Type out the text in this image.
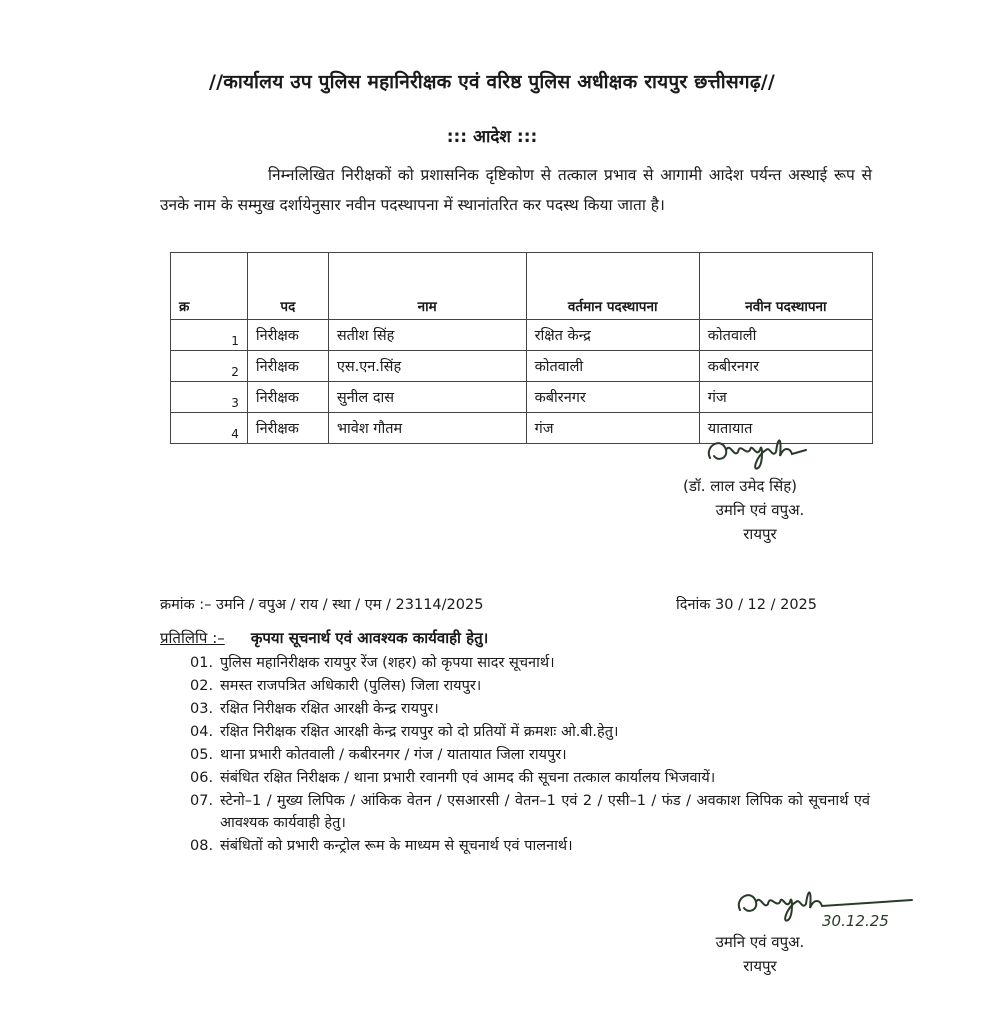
//कार्यालय उप पुलिस महानिरीक्षक एवं वरिष्ठ पुलिस अधीक्षक रायपुर छत्तीसगढ़//
::: आदेश :::
निम्नलिखित निरीक्षकों को प्रशासनिक दृष्टिकोण से तत्काल प्रभाव से आगामी आदेश पर्यन्त अस्थाई रूप से उनके नाम के सम्मुख दर्शायेनुसार नवीन पदस्थापना में स्थानांतरित कर पदस्थ किया जाता है।
क्र	पद	नाम	वर्तमान पदस्थापना	नवीन पदस्थापना
1	निरीक्षक	सतीश सिंह	रक्षित केन्द्र	कोतवाली
2	निरीक्षक	एस.एन.सिंह	कोतवाली	कबीरनगर
3	निरीक्षक	सुनील दास	कबीरनगर	गंज
4	निरीक्षक	भावेश गौतम	गंज	यातायात
(डॉ. लाल उमेद सिंह)
उमनि एवं वपुअ.
रायपुर
क्रमांक :– उमनि / वपुअ / राय / स्था / एम / 23114/2025	दिनांक 30 / 12 / 2025
प्रतिलिपि :– कृपया सूचनार्थ एवं आवश्यक कार्यवाही हेतु।
01. पुलिस महानिरीक्षक रायपुर रेंज (शहर) को कृपया सादर सूचनार्थ।
02. समस्त राजपत्रित अधिकारी (पुलिस) जिला रायपुर।
03. रक्षित निरीक्षक रक्षित आरक्षी केन्द्र रायपुर।
04. रक्षित निरीक्षक रक्षित आरक्षी केन्द्र रायपुर को दो प्रतियों में क्रमशः ओ.बी.हेतु।
05. थाना प्रभारी कोतवाली / कबीरनगर / गंज / यातायात जिला रायपुर।
06. संबंधित रक्षित निरीक्षक / थाना प्रभारी रवानगी एवं आमद की सूचना तत्काल कार्यालय भिजवायें।
07. स्टेनो–1 / मुख्य लिपिक / आंकिक वेतन / एसआरसी / वेतन–1 एवं 2 / एसी–1 / फंड / अवकाश लिपिक को सूचनार्थ एवं आवश्यक कार्यवाही हेतु।
08. संबंधितों को प्रभारी कन्ट्रोल रूम के माध्यम से सूचनार्थ एवं पालनार्थ।
30.12.25
उमनि एवं वपुअ.
रायपुर
